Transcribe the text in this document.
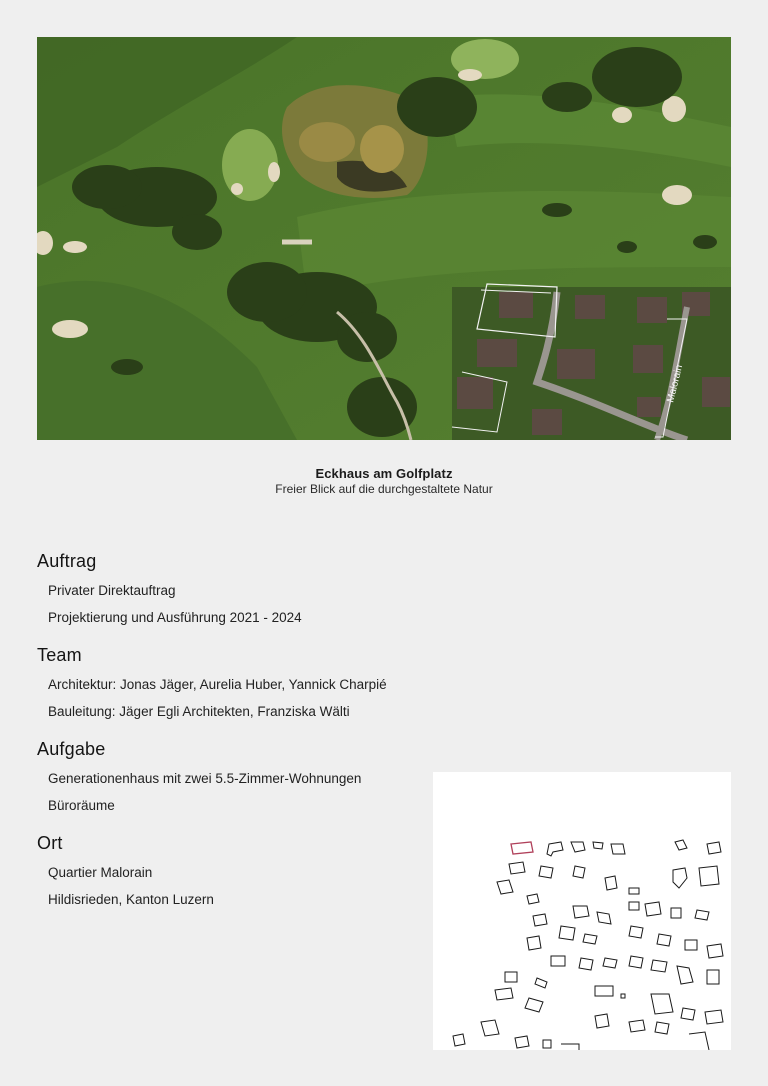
Malorain
Eckhaus am Golfplatz
Freier Blick auf die durchgestaltete Natur
Auftrag
Privater Direktauftrag
Projektierung und Ausführung 2021 - 2024
Team
Architektur: Jonas Jäger, Aurelia Huber, Yannick Charpié
Bauleitung: Jäger Egli Architekten, Franziska Wälti
Aufgabe
Generationenhaus mit zwei 5.5-Zimmer-Wohnungen
Büroräume
Ort
Quartier Malorain
Hildisrieden, Kanton Luzern
